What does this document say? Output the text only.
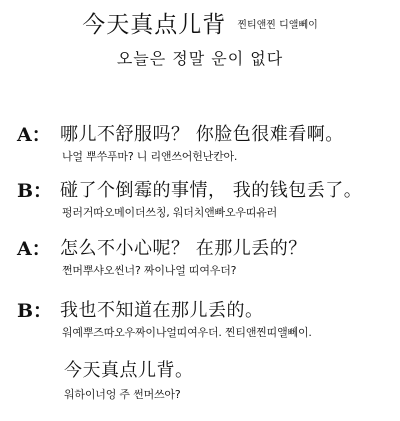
今天真点儿背 $^{찐티앤찐 디앨뻬이}$
오늘은 정말 운이 없다
A： 哪儿不舒服吗？ 你脸色很难看啊。
나얼 뿌쑤푸마? 니 리앤쓰어헌난칸아.
B： 碰了个倒霉的事情， 我的钱包丢了。
펑러거따오메이더쓰칭, 워더치앤빠오우띠유러
A： 怎么不小心呢？ 在那儿丢的？
쩐머뿌샤오씬너? 짜이나얼 띠여우더?
B： 我也不知道在那儿丢的。
워예뿌즈따오우짜이나얼띠여우더. 찐티앤찐띠앨뻬이.
今天真点儿背。
워하이너엉 주 썬머쓰아?
